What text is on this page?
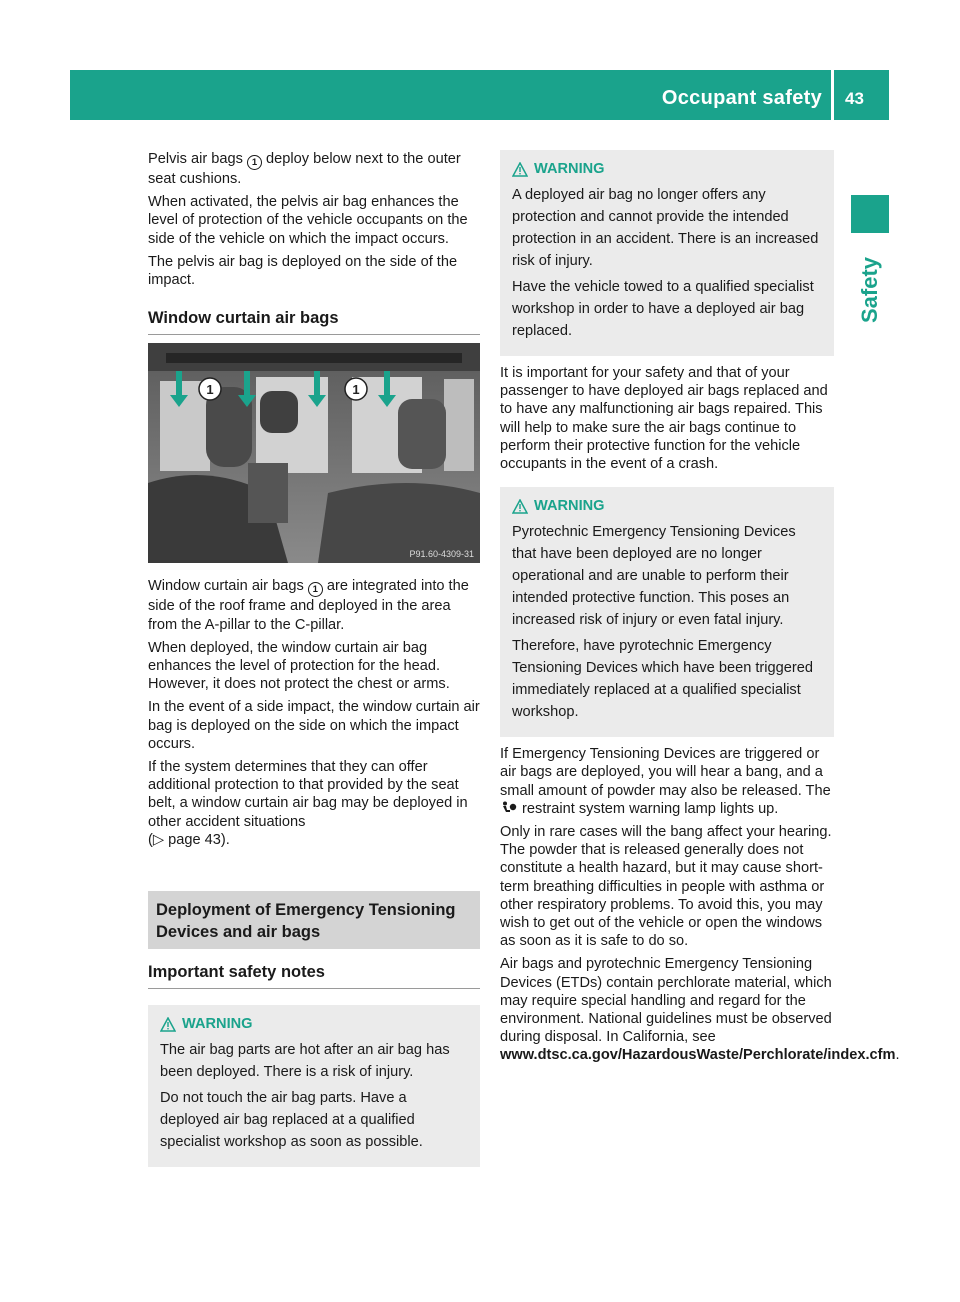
Occupant safety 43
Safety

Pelvis air bags 1 deploy below next to the outer seat cushions.

When activated, the pelvis air bag enhances the level of protection of the vehicle occupants on the side of the vehicle on which the impact occurs.

The pelvis air bag is deployed on the side of the impact.

Window curtain air bags
1	1
P91.60-4309-31

Window curtain air bags 1 are integrated into the side of the roof frame and deployed in the area from the A-pillar to the C-pillar.

When deployed, the window curtain air bag enhances the level of protection for the head. However, it does not protect the chest or arms.

In the event of a side impact, the window curtain air bag is deployed on the side on which the impact occurs.

If the system determines that they can offer additional protection to that provided by the seat belt, a window curtain air bag may be deployed in other accident situations
(▷ page 43).

Deployment of Emergency Tensioning Devices and air bags
Important safety notes
WARNING

The air bag parts are hot after an air bag has been deployed. There is a risk of injury.

Do not touch the air bag parts. Have a deployed air bag replaced at a qualified specialist workshop as soon as possible.

WARNING

A deployed air bag no longer offers any protection and cannot provide the intended protection in an accident. There is an increased risk of injury.

Have the vehicle towed to a qualified specialist workshop in order to have a deployed air bag replaced.

It is important for your safety and that of your passenger to have deployed air bags replaced and to have any malfunctioning air bags repaired. This will help to make sure the air bags continue to perform their protective function for the vehicle occupants in the event of a crash.

WARNING

Pyrotechnic Emergency Tensioning Devices that have been deployed are no longer operational and are unable to perform their intended protective function. This poses an increased risk of injury or even fatal injury.

Therefore, have pyrotechnic Emergency Tensioning Devices which have been triggered immediately replaced at a qualified specialist workshop.

If Emergency Tensioning Devices are triggered or air bags are deployed, you will hear a bang, and a small amount of powder may also be released. The  restraint system warning lamp lights up.

Only in rare cases will the bang affect your hearing. The powder that is released generally does not constitute a health hazard, but it may cause short-term breathing difficulties in people with asthma or other respiratory problems. To avoid this, you may wish to get out of the vehicle or open the windows as soon as it is safe to do so.

Air bags and pyrotechnic Emergency Tensioning Devices (ETDs) contain perchlorate material, which may require special handling and regard for the environment. National guidelines must be observed during disposal. In California, see www.dtsc.ca.gov/HazardousWaste/Perchlorate/index.cfm.
